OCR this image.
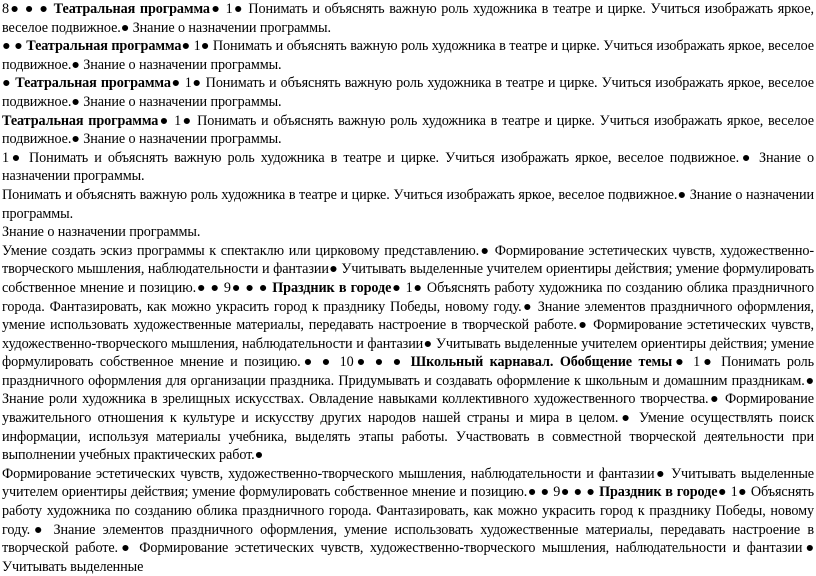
8● ● ● Театральная программа● 1● Понимать и объяснять важную роль художника в театре и цирке. Учиться изображать яркое, веселое подвижное.● Знание о назначении программы.

● ● Театральная программа● 1● Понимать и объяснять важную роль художника в театре и цирке. Учиться изображать яркое, веселое подвижное.● Знание о назначении программы.

● Театральная программа● 1● Понимать и объяснять важную роль художника в театре и цирке. Учиться изображать яркое, веселое подвижное.● Знание о назначении программы.

Театральная программа● 1● Понимать и объяснять важную роль художника в театре и цирке. Учиться изображать яркое, веселое подвижное.● Знание о назначении программы.

1● Понимать и объяснять важную роль художника в театре и цирке. Учиться изображать яркое, веселое подвижное.● Знание о назначении программы.

Понимать и объяснять важную роль художника в театре и цирке. Учиться изображать яркое, веселое подвижное.● Знание о назначении программы.

Знание о назначении программы.

Умение создать эскиз программы к спектаклю или цирковому представлению.● Формирование эстетических чувств, художественно-творческого мышления, наблюдательности и фантазии● Учитывать выделенные учителем ориентиры действия; умение формулировать собственное мнение и позицию.● ● 9● ● ● Праздник в городе● 1● Объяснять работу художника по созданию облика праздничного города. Фантазировать, как можно украсить город к празднику Победы, новому году.● Знание элементов праздничного оформления, умение использовать художественные материалы, передавать настроение в творческой работе.● Формирование эстетических чувств, художественно-творческого мышления, наблюдательности и фантазии● Учитывать выделенные учителем ориентиры действия; умение формулировать собственное мнение и позицию.● ● 10● ● ● Школьный карнавал. Обобщение темы● 1● Понимать роль праздничного оформления для организации праздника. Придумывать и создавать оформление к школьным и домашним праздникам.● Знание роли художника в зрелищных искусствах. Овладение навыками коллективного художественного творчества.● Формирование уважительного отношения к культуре и искусству других народов нашей страны и мира в целом.● Умение осуществлять поиск информации, используя материалы учебника, выделять этапы работы. Участвовать в совместной творческой деятельности при выполнении учебных практических работ.●

Формирование эстетических чувств, художественно-творческого мышления, наблюдательности и фантазии● Учитывать выделенные учителем ориентиры действия; умение формулировать собственное мнение и позицию.● ● 9● ● ● Праздник в городе● 1● Объяснять работу художника по созданию облика праздничного города. Фантазировать, как можно украсить город к празднику Победы, новому году.● Знание элементов праздничного оформления, умение использовать художественные материалы, передавать настроение в творческой работе.● Формирование эстетических чувств, художественно-творческого мышления, наблюдательности и фантазии● Учитывать выделенные
